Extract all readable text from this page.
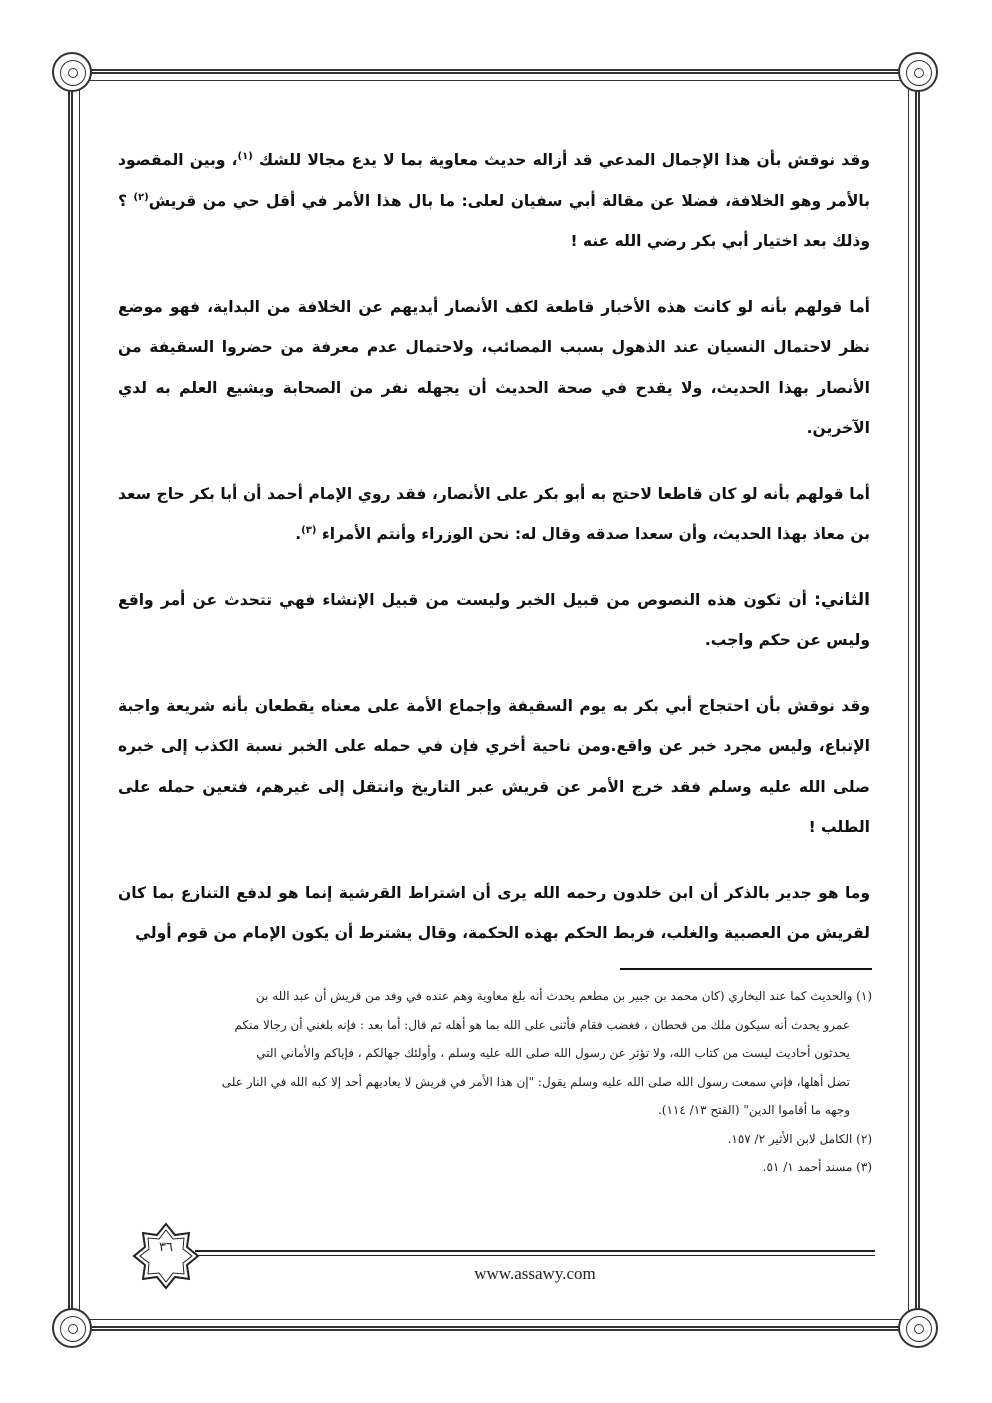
وقد نوقش بأن هذا الإجمال المدعي قد أزاله حديث معاوية بما لا يدع مجالا للشك $^{(١)}$، وبين المقصود بالأمر وهو الخلافة، فضلا عن مقالة أبي سفيان لعلى: ما بال هذا الأمر في أقل حي من قريش$^{(٢)}$ ؟ وذلك بعد اختيار أبي بكر رضي الله عنه !

أما قولهم بأنه لو كانت هذه الأخبار قاطعة لكف الأنصار أيديهم عن الخلافة من البداية، فهو موضع نظر لاحتمال النسيان عند الذهول بسبب المصائب، ولاحتمال عدم معرفة من حضروا السقيفة من الأنصار بهذا الحديث، ولا يقدح في صحة الحديث أن يجهله نفر من الصحابة ويشيع العلم به لدي الآخرين.

أما قولهم بأنه لو كان قاطعا لاحتج به أبو بكر على الأنصار، فقد روي الإمام أحمد أن أبا بكر حاج سعد بن معاذ بهذا الحديث، وأن سعدا صدقه وقال له: نحن الوزراء وأنتم الأمراء $^{(٣)}$.

الثاني: أن تكون هذه النصوص من قبيل الخبر وليست من قبيل الإنشاء فهي تتحدث عن أمر واقع وليس عن حكم واجب.

وقد نوقش بأن احتجاج أبي بكر به يوم السقيفة وإجماع الأمة على معناه يقطعان بأنه شريعة واجبة الإتباع، وليس مجرد خبر عن واقع.ومن ناحية أخري فإن في حمله على الخبر نسبة الكذب إلى خبره صلى الله عليه وسلم فقد خرج الأمر عن قريش عبر التاريخ وانتقل إلى غيرهم، فتعين حمله على الطلب !

وما هو جدير بالذكر أن ابن خلدون رحمه الله يرى أن اشتراط القرشية إنما هو لدفع التنازع بما كان لقريش من العصبية والغلب، فربط الحكم بهذه الحكمة، وقال يشترط أن يكون الإمام من قوم أولي

(١) والحديث كما عند البخاري (كان محمد بن جبير بن مطعم يحدث أنه بلغ معاوية وهم عنده في وفد من قريش أن عبد الله بن

عمرو يحدث أنه سيكون ملك من قحطان ، فغضب فقام فأثنى على الله بما هو أهله ثم قال: أما بعد : فإنه بلغني أن رجالا منكم

يحدثون أحاديث ليست من كتاب الله، ولا تؤثر عن رسول الله صلى الله عليه وسلم ، وأولئك جهالكم ، فإياكم والأماني التي

تضل أهلها، فإني سمعت رسول الله صلى الله عليه وسلم يقول: "إن هذا الأمر في قريش لا يعاديهم أحد إلا كبه الله في النار على

وجهه ما أقاموا الدين" (الفتح ١٣/ ١١٤).

(٢) الكامل لابن الأثير ٢/ ١٥٧.

(٣) مسند أحمد ١/ ٥١.

٣٦
www.assawy.com
